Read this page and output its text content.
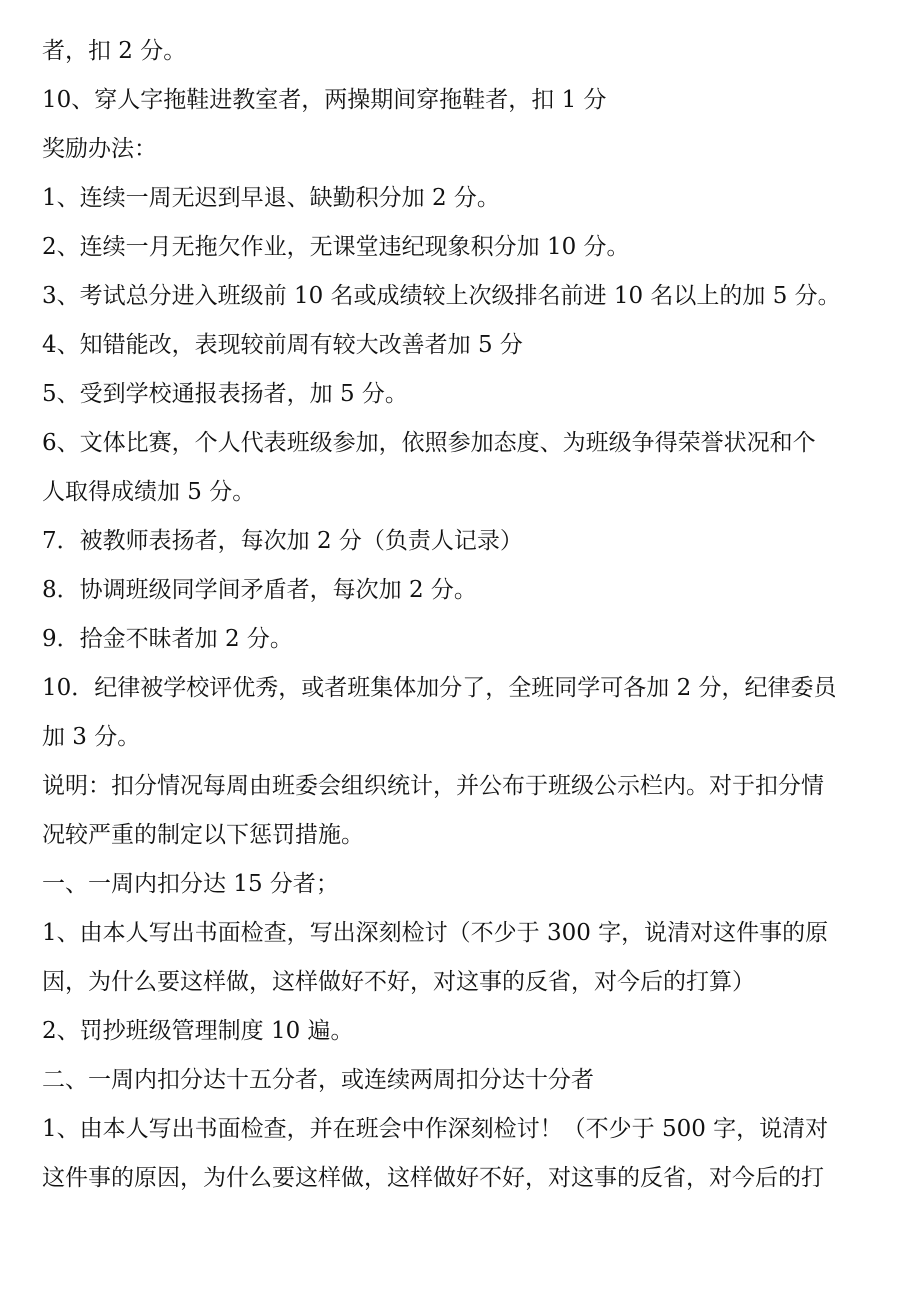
者，扣 2 分。
10、穿人字拖鞋进教室者，两操期间穿拖鞋者，扣 1 分
奖励办法：
1、连续一周无迟到早退、缺勤积分加 2 分。
2、连续一月无拖欠作业，无课堂违纪现象积分加 10 分。
3、考试总分进入班级前 10 名或成绩较上次级排名前进 10 名以上的加 5 分。
4、知错能改，表现较前周有较大改善者加 5 分
5、受到学校通报表扬者，加 5 分。
6、文体比赛，个人代表班级参加，依照参加态度、为班级争得荣誉状况和个
人取得成绩加 5 分。
7．被教师表扬者，每次加 2 分（负责人记录）
8．协调班级同学间矛盾者，每次加 2 分。
9．拾金不昧者加 2 分。
10．纪律被学校评优秀，或者班集体加分了，全班同学可各加 2 分，纪律委员
加 3 分。
说明：扣分情况每周由班委会组织统计，并公布于班级公示栏内。对于扣分情
况较严重的制定以下惩罚措施。
一、一周内扣分达 15 分者；
1、由本人写出书面检查，写出深刻检讨（不少于 300 字，说清对这件事的原
因，为什么要这样做，这样做好不好，对这事的反省，对今后的打算）
2、罚抄班级管理制度 10 遍。
二、一周内扣分达十五分者，或连续两周扣分达十分者
1、由本人写出书面检查，并在班会中作深刻检讨！（不少于 500 字，说清对
这件事的原因，为什么要这样做，这样做好不好，对这事的反省，对今后的打
